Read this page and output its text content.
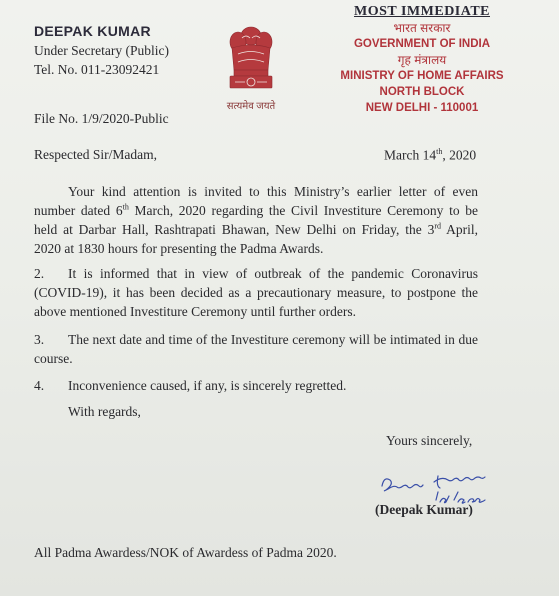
DEEPAK KUMAR
Under Secretary (Public)
Tel. No. 011-23092421
सत्यमेव जयते
MOST IMMEDIATE
भारत सरकार
GOVERNMENT OF INDIA
गृह मंत्रालय
MINISTRY OF HOME AFFAIRS
NORTH BLOCK
NEW DELHI - 110001
File No. 1/9/2020-Public
Respected Sir/Madam,	March 14th, 2020
Your kind attention is invited to this Ministry’s earlier letter of even number dated 6th March, 2020 regarding the Civil Investiture Ceremony to be held at Darbar Hall, Rashtrapati Bhawan, New Delhi on Friday, the 3rd April, 2020 at 1830 hours for presenting the Padma Awards.
2. It is informed that in view of outbreak of the pandemic Coronavirus (COVID-19), it has been decided as a precautionary measure, to postpone the above mentioned Investiture Ceremony until further orders.
3. The next date and time of the Investiture ceremony will be intimated in due course.
4. Inconvenience caused, if any, is sincerely regretted.
With regards,
Yours sincerely,
(Deepak Kumar)
All Padma Awardess/NOK of Awardess of Padma 2020.
